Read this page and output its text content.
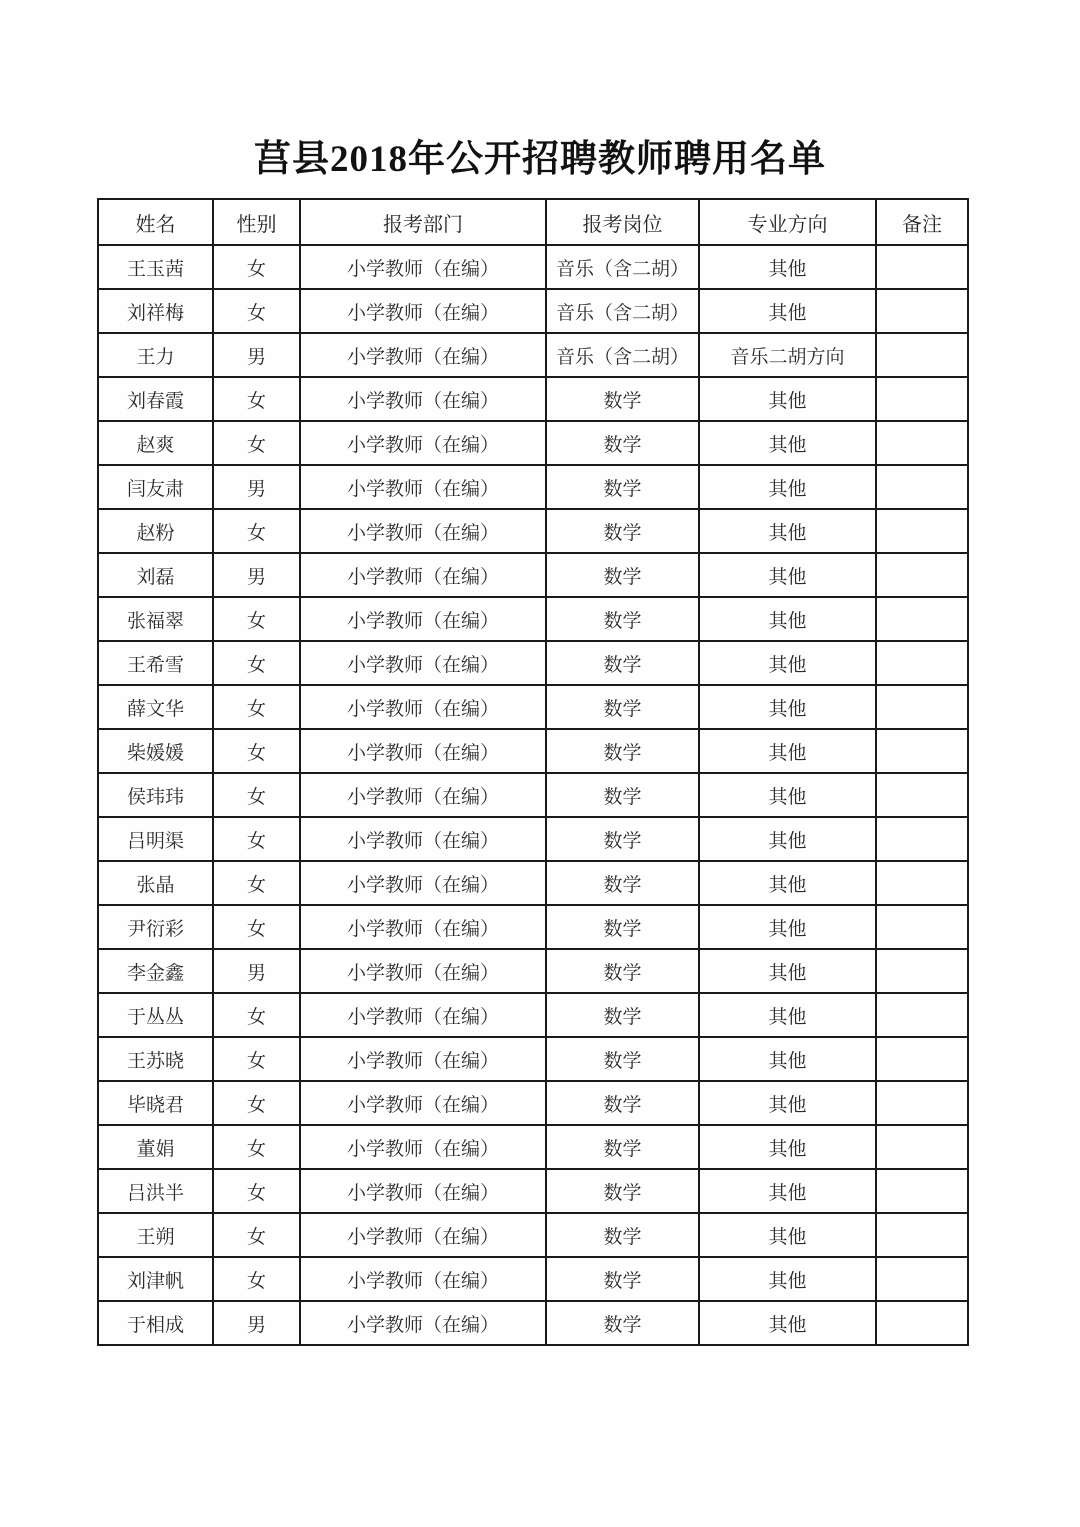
莒县2018年公开招聘教师聘用名单
姓名	性别	报考部门	报考岗位	专业方向	备注
王玉茜	女	小学教师（在编）	音乐（含二胡）	其他	
刘祥梅	女	小学教师（在编）	音乐（含二胡）	其他	
王力	男	小学教师（在编）	音乐（含二胡）	音乐二胡方向	
刘春霞	女	小学教师（在编）	数学	其他	
赵爽	女	小学教师（在编）	数学	其他	
闫友肃	男	小学教师（在编）	数学	其他	
赵粉	女	小学教师（在编）	数学	其他	
刘磊	男	小学教师（在编）	数学	其他	
张福翠	女	小学教师（在编）	数学	其他	
王希雪	女	小学教师（在编）	数学	其他	
薛文华	女	小学教师（在编）	数学	其他	
柴媛媛	女	小学教师（在编）	数学	其他	
侯玮玮	女	小学教师（在编）	数学	其他	
吕明渠	女	小学教师（在编）	数学	其他	
张晶	女	小学教师（在编）	数学	其他	
尹衍彩	女	小学教师（在编）	数学	其他	
李金鑫	男	小学教师（在编）	数学	其他	
于丛丛	女	小学教师（在编）	数学	其他	
王苏晓	女	小学教师（在编）	数学	其他	
毕晓君	女	小学教师（在编）	数学	其他	
董娟	女	小学教师（在编）	数学	其他	
吕洪半	女	小学教师（在编）	数学	其他	
王朔	女	小学教师（在编）	数学	其他	
刘津帆	女	小学教师（在编）	数学	其他	
于相成	男	小学教师（在编）	数学	其他	
